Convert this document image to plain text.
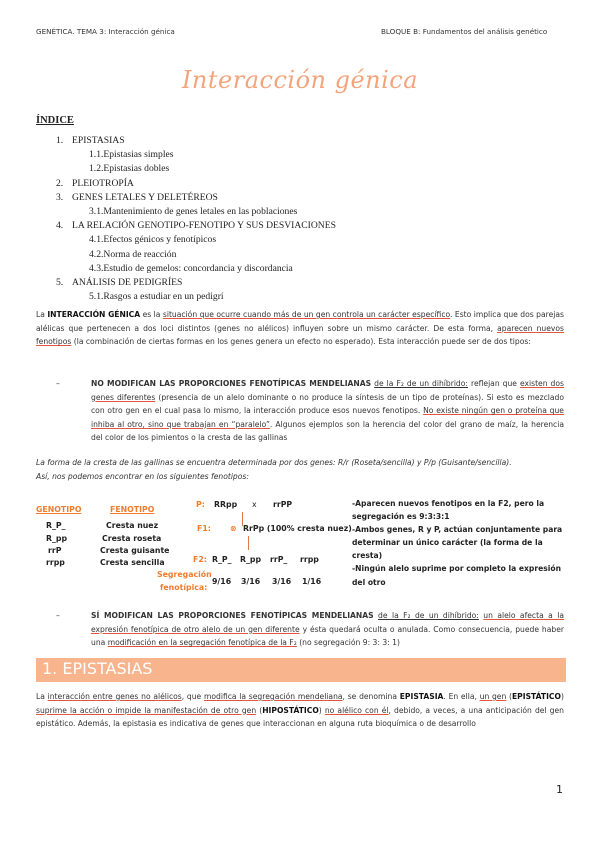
GENÉTICA. TEMA 3: Interacción génica	BLOQUE B: Fundamentos del análisis genético
Interacción génica
ÍNDICE
1. EPISTASIAS
1.1.Epistasias simples
1.2.Epistasias dobles
2. PLEIOTROPÍA
3. GENES LETALES Y DELETÉREOS
3.1.Mantenimiento de genes letales en las poblaciones
4. LA RELACIÓN GENOTIPO-FENOTIPO Y SUS DESVIACIONES
4.1.Efectos génicos y fenotípicos
4.2.Norma de reacción
4.3.Estudio de gemelos: concordancia y discordancia
5. ANÁLISIS DE PEDIGRÍES
5.1.Rasgos a estudiar en un pedigrí
La INTERACCIÓN GÉNICA es la situación que ocurre cuando más de un gen controla un carácter específico. Esto implica que dos parejas alélicas que pertenecen a dos loci distintos (genes no alélicos) influyen sobre un mismo carácter. De esta forma, aparecen nuevos fenotipos (la combinación de ciertas formas en los genes genera un efecto no esperado). Esta interacción puede ser de dos tipos:
–	NO MODIFICAN LAS PROPORCIONES FENOTÍPICAS MENDELIANAS de la F₂ de un dihíbrido: reflejan que existen dos genes diferentes (presencia de un alelo dominante o no produce la síntesis de un tipo de proteínas). Si esto es mezclado con otro gen en el cual pasa lo mismo, la interacción produce esos nuevos fenotipos. No existe ningún gen o proteína que inhiba al otro, sino que trabajan en “paralelo”. Algunos ejemplos son la herencia del color del grano de maíz, la herencia del color de los pimientos o la cresta de las gallinas
La forma de la cresta de las gallinas se encuentra determinada por dos genes: R/r (Roseta/sencilla) y P/p (Guisante/sencilla).
Así, nos podemos encontrar en los siguientes fenotipos:
GENOTIPO	FENOTIPO
R_P_	Cresta nuez
R_pp	Cresta roseta
rrP	Cresta guisante
rrpp	Cresta sencilla
P: RRpp x rrPP
F1: ⊗ RrPp (100% cresta nuez)
F2: R_P_ R_pp rrP_ rrpp
Segregación
fenotípica:
9/16 3/16 3/16 1/16
-Aparecen nuevos fenotipos en la F2, pero la segregación es 9:3:3:1
-Ambos genes, R y P, actúan conjuntamente para determinar un único carácter (la forma de la cresta)
-Ningún alelo suprime por completo la expresión del otro
–	SÍ MODIFICAN LAS PROPORCIONES FENOTÍPICAS MENDELIANAS de la F₂ de un dihíbrido: un alelo afecta a la expresión fenotípica de otro alelo de un gen diferente y ésta quedará oculta o anulada. Como consecuencia, puede haber una modificación en la segregación fenotípica de la F₂ (no segregación 9: 3: 3: 1)
1. EPISTASIAS
La interacción entre genes no alélicos, que modifica la segregación mendeliana, se denomina EPISTASIA. En ella, un gen (EPISTÁTICO) suprime la acción o impide la manifestación de otro gen (HIPOSTÁTICO) no alélico con él, debido, a veces, a una anticipación del gen epistático. Además, la epistasia es indicativa de genes que interaccionan en alguna ruta bioquímica o de desarrollo
1
